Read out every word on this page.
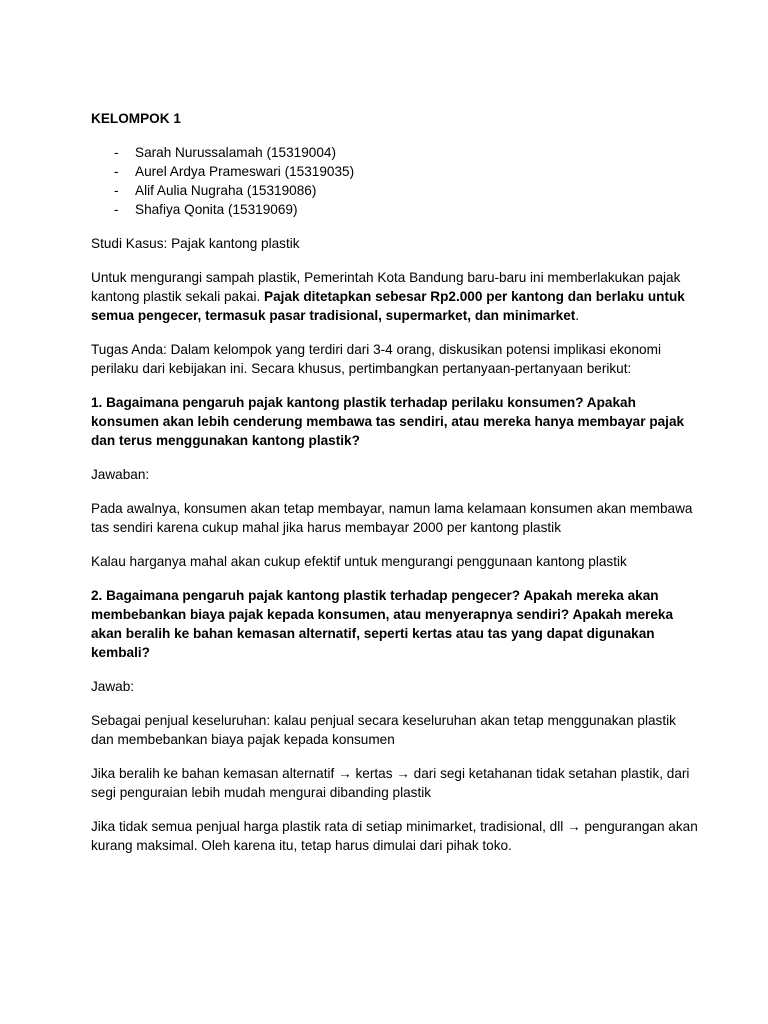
KELOMPOK 1
- Sarah Nurussalamah (15319004)
- Aurel Ardya Prameswari (15319035)
- Alif Aulia Nugraha (15319086)
- Shafiya Qonita (15319069)

Studi Kasus: Pajak kantong plastik

Untuk mengurangi sampah plastik, Pemerintah Kota Bandung baru-baru ini memberlakukan pajak kantong plastik sekali pakai. Pajak ditetapkan sebesar Rp2.000 per kantong dan berlaku untuk semua pengecer, termasuk pasar tradisional, supermarket, dan minimarket.

Tugas Anda: Dalam kelompok yang terdiri dari 3-4 orang, diskusikan potensi implikasi ekonomi perilaku dari kebijakan ini. Secara khusus, pertimbangkan pertanyaan-pertanyaan berikut:

1. Bagaimana pengaruh pajak kantong plastik terhadap perilaku konsumen? Apakah konsumen akan lebih cenderung membawa tas sendiri, atau mereka hanya membayar pajak dan terus menggunakan kantong plastik?

Jawaban:

Pada awalnya, konsumen akan tetap membayar, namun lama kelamaan konsumen akan membawa tas sendiri karena cukup mahal jika harus membayar 2000 per kantong plastik

Kalau harganya mahal akan cukup efektif untuk mengurangi penggunaan kantong plastik

2. Bagaimana pengaruh pajak kantong plastik terhadap pengecer? Apakah mereka akan membebankan biaya pajak kepada konsumen, atau menyerapnya sendiri? Apakah mereka akan beralih ke bahan kemasan alternatif, seperti kertas atau tas yang dapat digunakan kembali?

Jawab:

Sebagai penjual keseluruhan: kalau penjual secara keseluruhan akan tetap menggunakan plastik dan membebankan biaya pajak kepada konsumen

Jika beralih ke bahan kemasan alternatif → kertas → dari segi ketahanan tidak setahan plastik, dari segi penguraian lebih mudah mengurai dibanding plastik

Jika tidak semua penjual harga plastik rata di setiap minimarket, tradisional, dll → pengurangan akan kurang maksimal. Oleh karena itu, tetap harus dimulai dari pihak toko.
